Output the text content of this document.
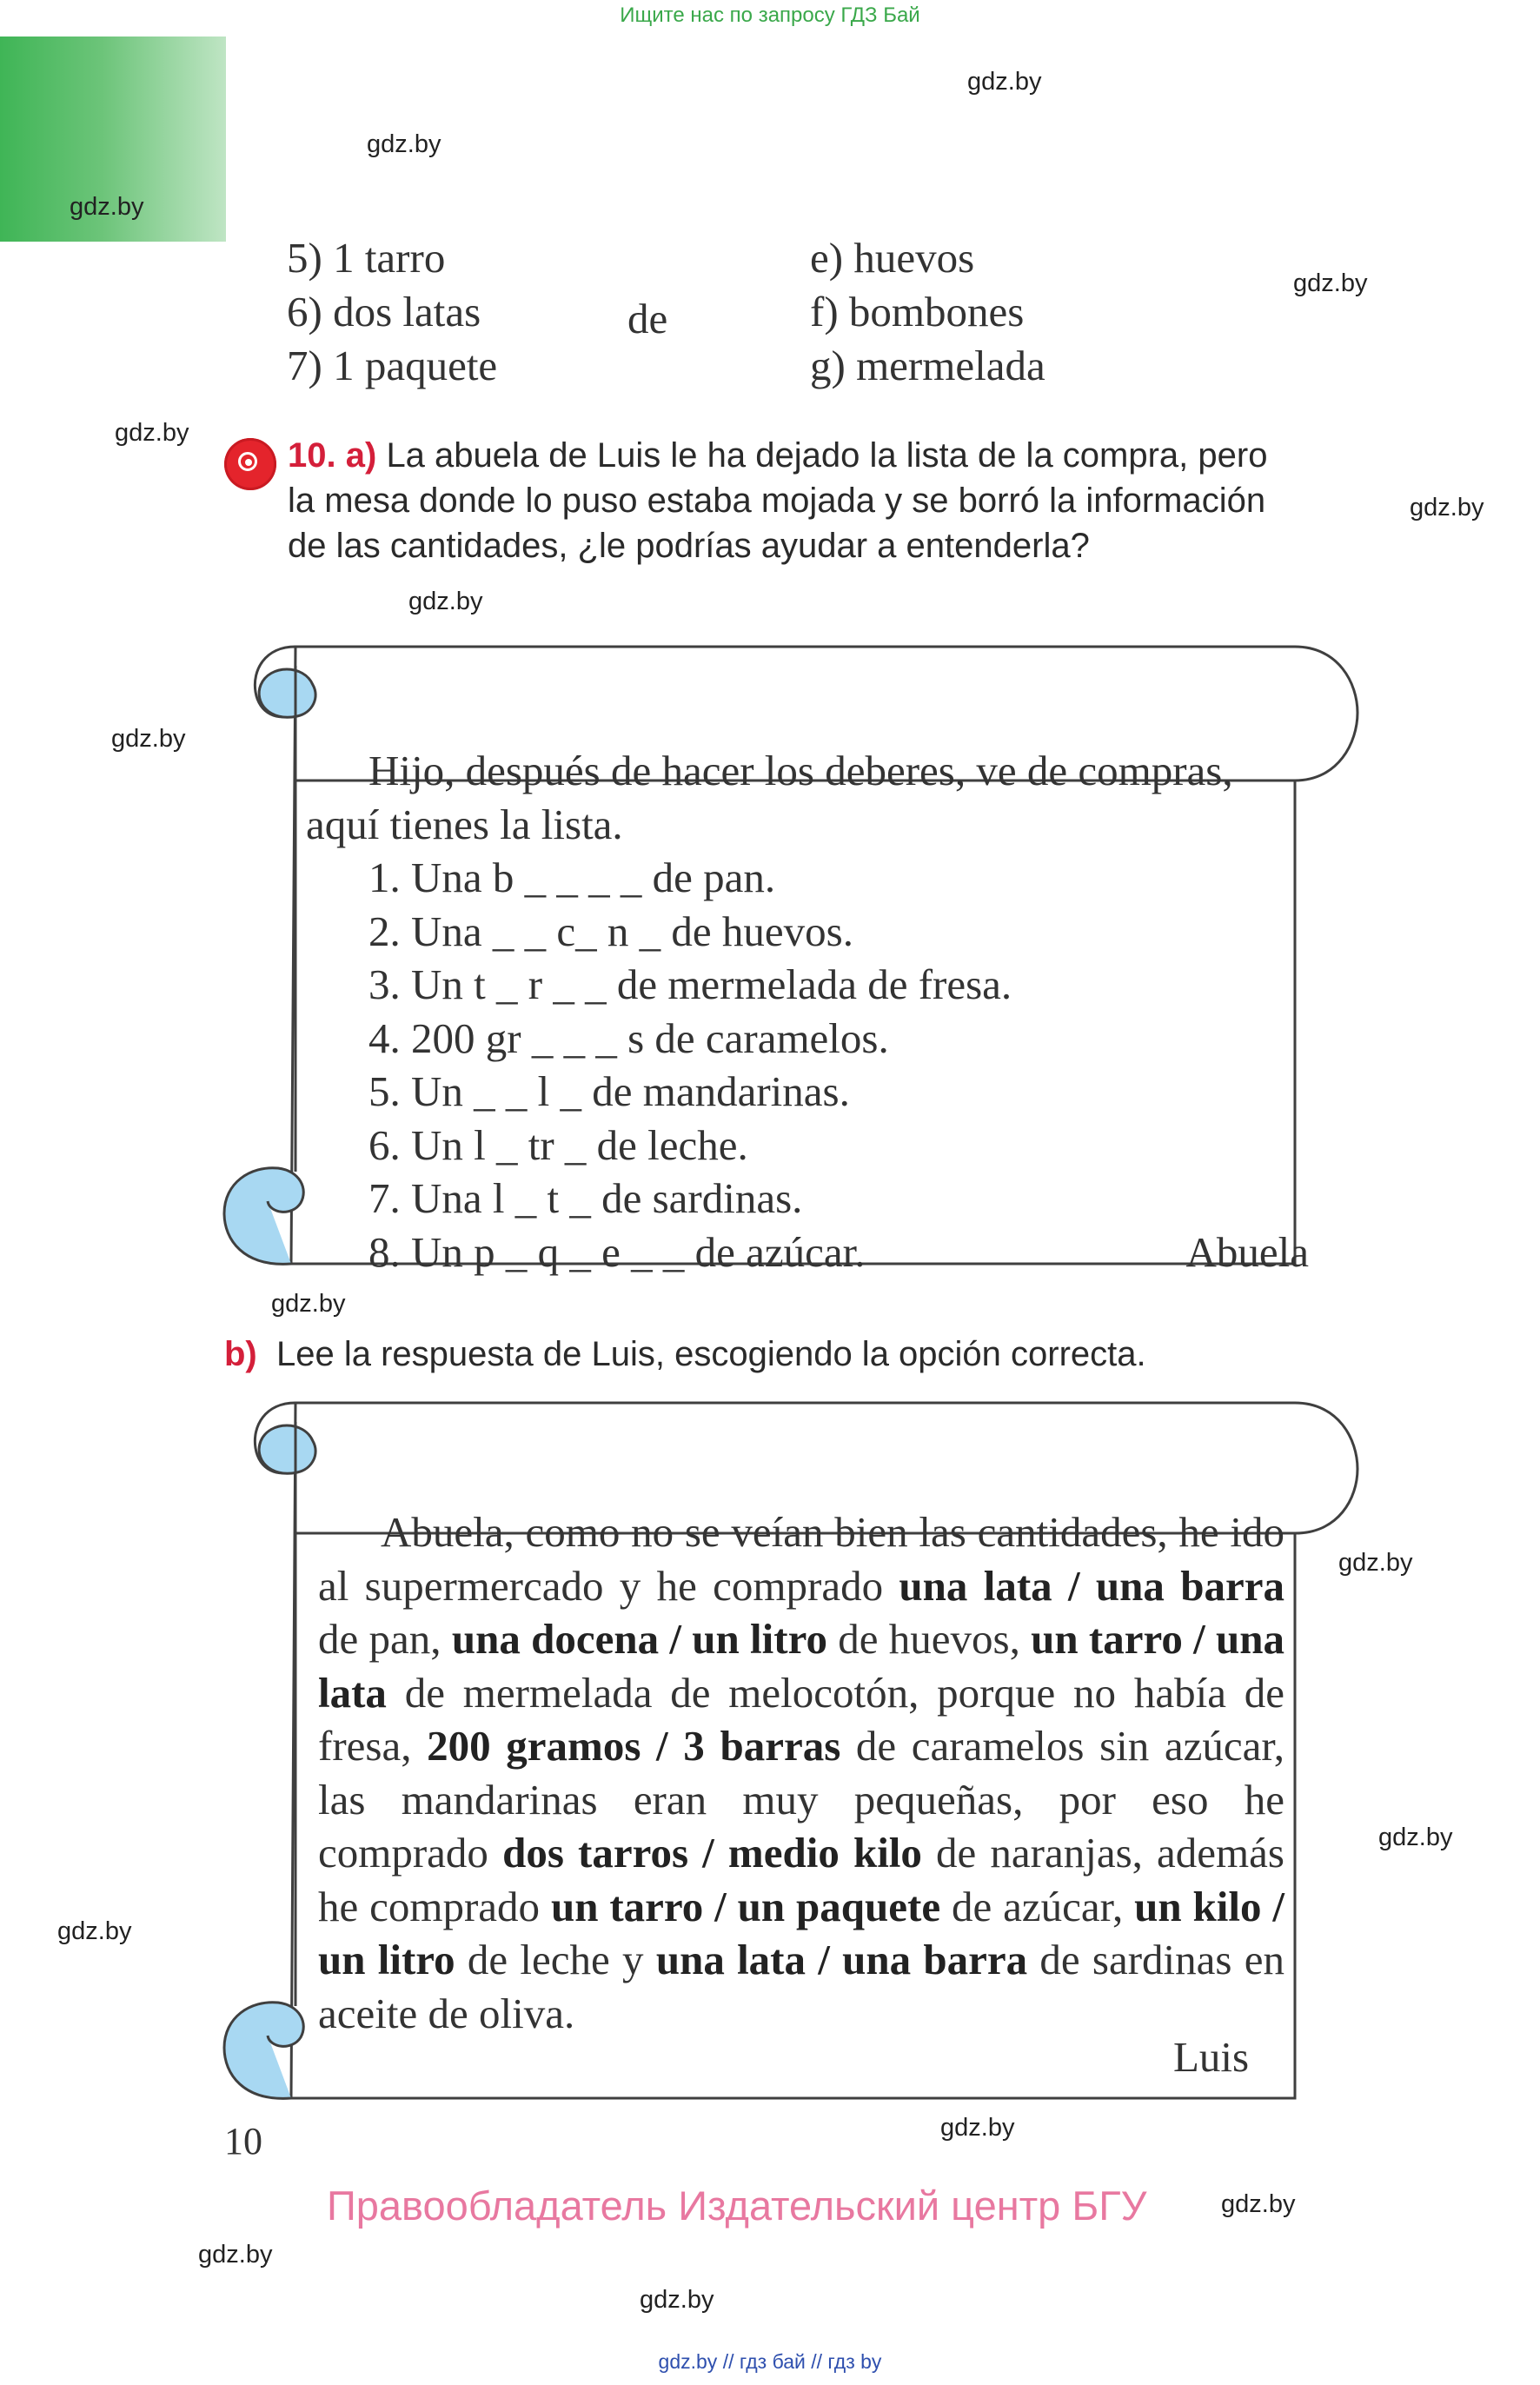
Ищите нас по запросу ГДЗ Бай
gdz.by
gdz.by
gdz.by
gdz.by
gdz.by
gdz.by
gdz.by
gdz.by
gdz.by
gdz.by
gdz.by
gdz.by
gdz.by
gdz.by
gdz.by
gdz.by
5) 1 tarro
6) dos latas
7) 1 paquete
de
e) huevos
f) bombones
g) mermelada
10. a) La abuela de Luis le ha dejado la lista de la compra, pero
la mesa donde lo puso estaba mojada y se borró la información
de las cantidades, ¿le podrías ayudar a entenderla?
Hijo, después de hacer los deberes, ve de compras,
aquí tienes la lista.
1. Una b _ _ _ _ de pan.
2. Una _ _ c_ n _ de huevos.
3. Un t _ r _ _ de mermelada de fresa.
4. 200 gr _ _ _ s de caramelos.
5. Un _ _ l _ de mandarinas.
6. Un l _ tr _ de leche.
7. Una l _ t _ de sardinas.
8. Un p _ q _ e _ _ de azúcar.	Abuela
b) Lee la respuesta de Luis, escogiendo la opción correcta.
Abuela, como no se veían bien las cantidades, he ido al supermercado y he comprado una lata / una barra de pan, una docena / un litro de huevos, un tarro / una lata de mermelada de melocotón, porque no había de fresa, 200 gramos / 3 barras de caramelos sin azúcar, las mandarinas eran muy pequeñas, por eso he comprado dos tarros / medio kilo de naranjas, además he comprado un tarro / un paquete de azúcar, un kilo / un litro de leche y una lata / una barra de sardinas en aceite de oliva.
Luis
10
Правообладатель Издательский центр БГУ
gdz.by // гдз бай // гдз by
